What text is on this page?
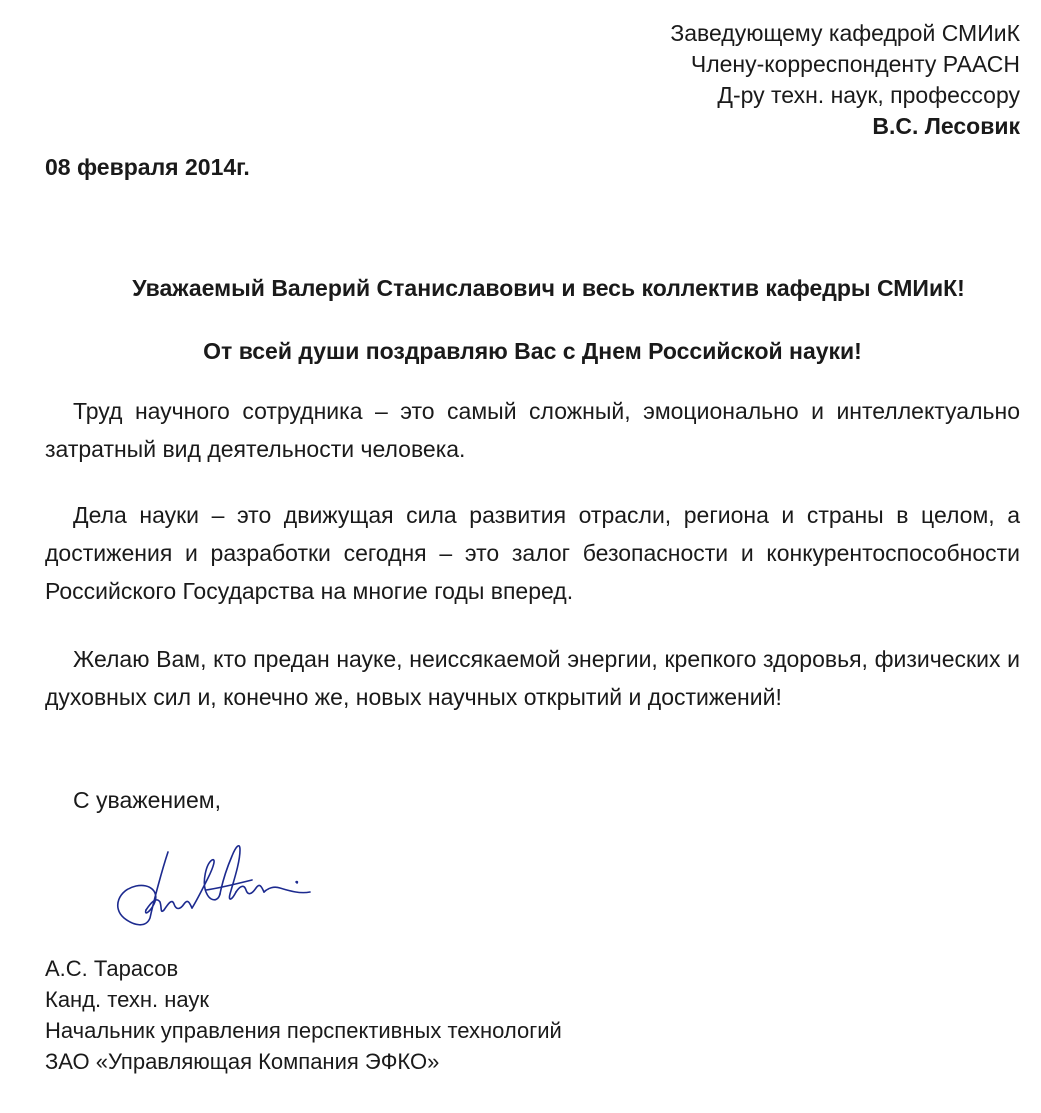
Заведующему кафедрой СМИиК
Члену-корреспонденту РААСН
Д-ру техн. наук, профессору
В.С. Лесовик
08 февраля 2014г.
Уважаемый Валерий Станиславович и весь коллектив кафедры СМИиК!
От всей души поздравляю Вас с Днем Российской науки!
Труд научного сотрудника – это самый сложный, эмоционально и интеллектуально затратный вид деятельности человека.
Дела науки – это движущая сила развития отрасли, региона и страны в целом, а достижения и разработки сегодня – это залог безопасности и конкурентоспособности Российского Государства на многие годы вперед.
Желаю Вам, кто предан науке, неиссякаемой энергии, крепкого здоровья, физических и духовных сил и, конечно же, новых научных открытий и достижений!
С уважением,
А.С. Тарасов
Канд. техн. наук
Начальник управления перспективных технологий
ЗАО «Управляющая Компания ЭФКО»
